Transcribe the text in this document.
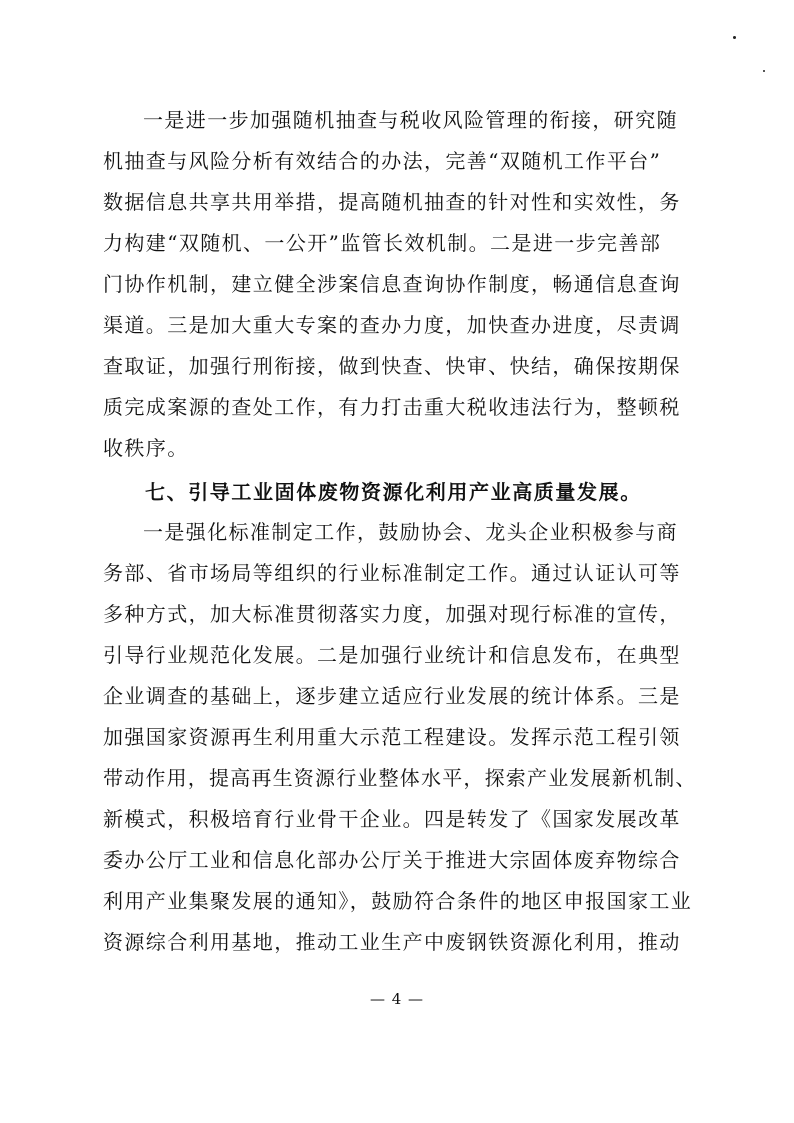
一是进一步加强随机抽查与税收风险管理的衔接，研究随
机抽查与风险分析有效结合的办法，完善“双随机工作平台”
数据信息共享共用举措，提高随机抽查的针对性和实效性，务
力构建“双随机、一公开”监管长效机制。二是进一步完善部
门协作机制，建立健全涉案信息查询协作制度，畅通信息查询
渠道。三是加大重大专案的查办力度，加快查办进度，尽责调
查取证，加强行刑衔接，做到快查、快审、快结，确保按期保
质完成案源的查处工作，有力打击重大税收违法行为，整顿税
收秩序。
七、引导工业固体废物资源化利用产业高质量发展。
一是强化标准制定工作，鼓励协会、龙头企业积极参与商
务部、省市场局等组织的行业标准制定工作。通过认证认可等
多种方式，加大标准贯彻落实力度，加强对现行标准的宣传，
引导行业规范化发展。二是加强行业统计和信息发布，在典型
企业调查的基础上，逐步建立适应行业发展的统计体系。三是
加强国家资源再生利用重大示范工程建设。发挥示范工程引领
带动作用，提高再生资源行业整体水平，探索产业发展新机制、
新模式，积极培育行业骨干企业。四是转发了《国家发展改革
委办公厅工业和信息化部办公厅关于推进大宗固体废弃物综合
利用产业集聚发展的通知》，鼓励符合条件的地区申报国家工业
资源综合利用基地，推动工业生产中废钢铁资源化利用，推动
— 4 —
